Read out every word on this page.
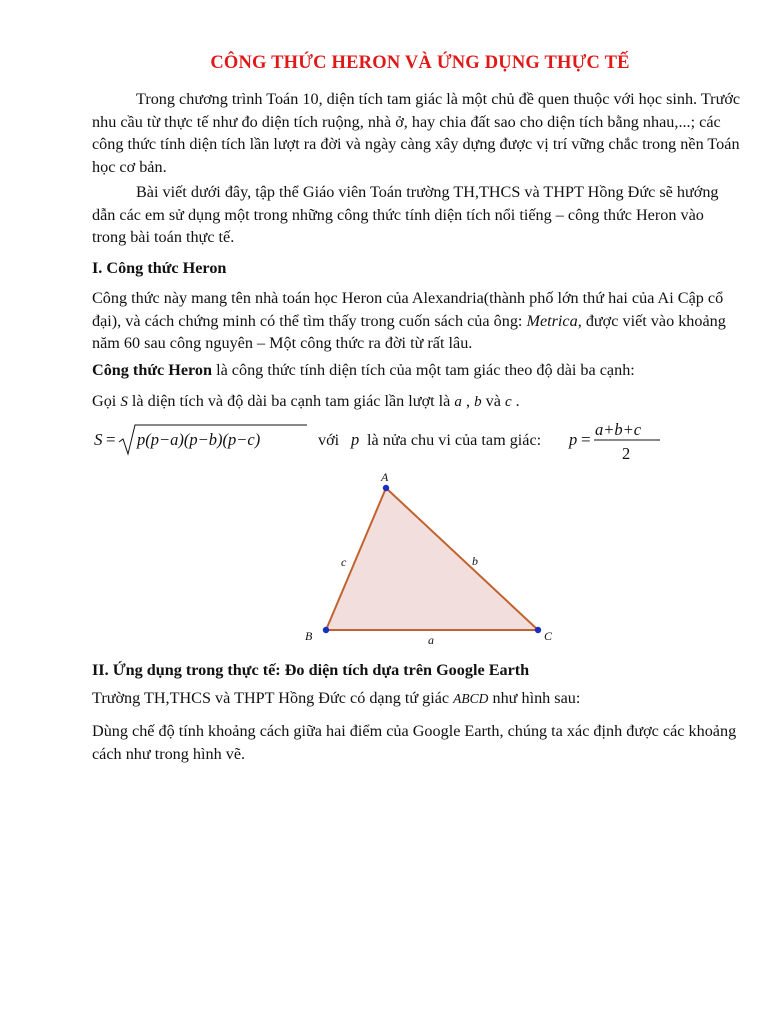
CÔNG THỨC HERON VÀ ỨNG DỤNG THỰC TẾ
Trong chương trình Toán 10, diện tích tam giác là một chủ đề quen thuộc với học sinh. Trước nhu cầu từ thực tế như đo diện tích ruộng, nhà ở, hay chia đất sao cho diện tích bằng nhau,...; các công thức tính diện tích lần lượt ra đời và ngày càng xây dựng được vị trí vững chắc trong nền Toán học cơ bản.
Bài viết dưới đây, tập thể Giáo viên Toán trường TH,THCS và THPT Hồng Đức sẽ hướng dẫn các em sử dụng một trong những công thức tính diện tích nổi tiếng – công thức Heron vào trong bài toán thực tế.
I. Công thức Heron
Công thức này mang tên nhà toán học Heron của Alexandria(thành phố lớn thứ hai của Ai Cập cổ đại), và cách chứng minh có thể tìm thấy trong cuốn sách của ông: Metrica, được viết vào khoảng năm 60 sau công nguyên – Một công thức ra đời từ rất lâu.
Công thức Heron là công thức tính diện tích của một tam giác theo độ dài ba cạnh:
Gọi S là diện tích và độ dài ba cạnh tam giác lần lượt là a , b và c .
S = p(p−a)(p−b)(p−c)	với p là nửa chu vi của tam giác: p =
a+b+c
2
A
B	C
a
b
c
II. Ứng dụng trong thực tế: Đo diện tích dựa trên Google Earth
Trường TH,THCS và THPT Hồng Đức có dạng tứ giác ABCD như hình sau:
Dùng chế độ tính khoảng cách giữa hai điểm của Google Earth, chúng ta xác định được các khoảng cách như trong hình vẽ.
